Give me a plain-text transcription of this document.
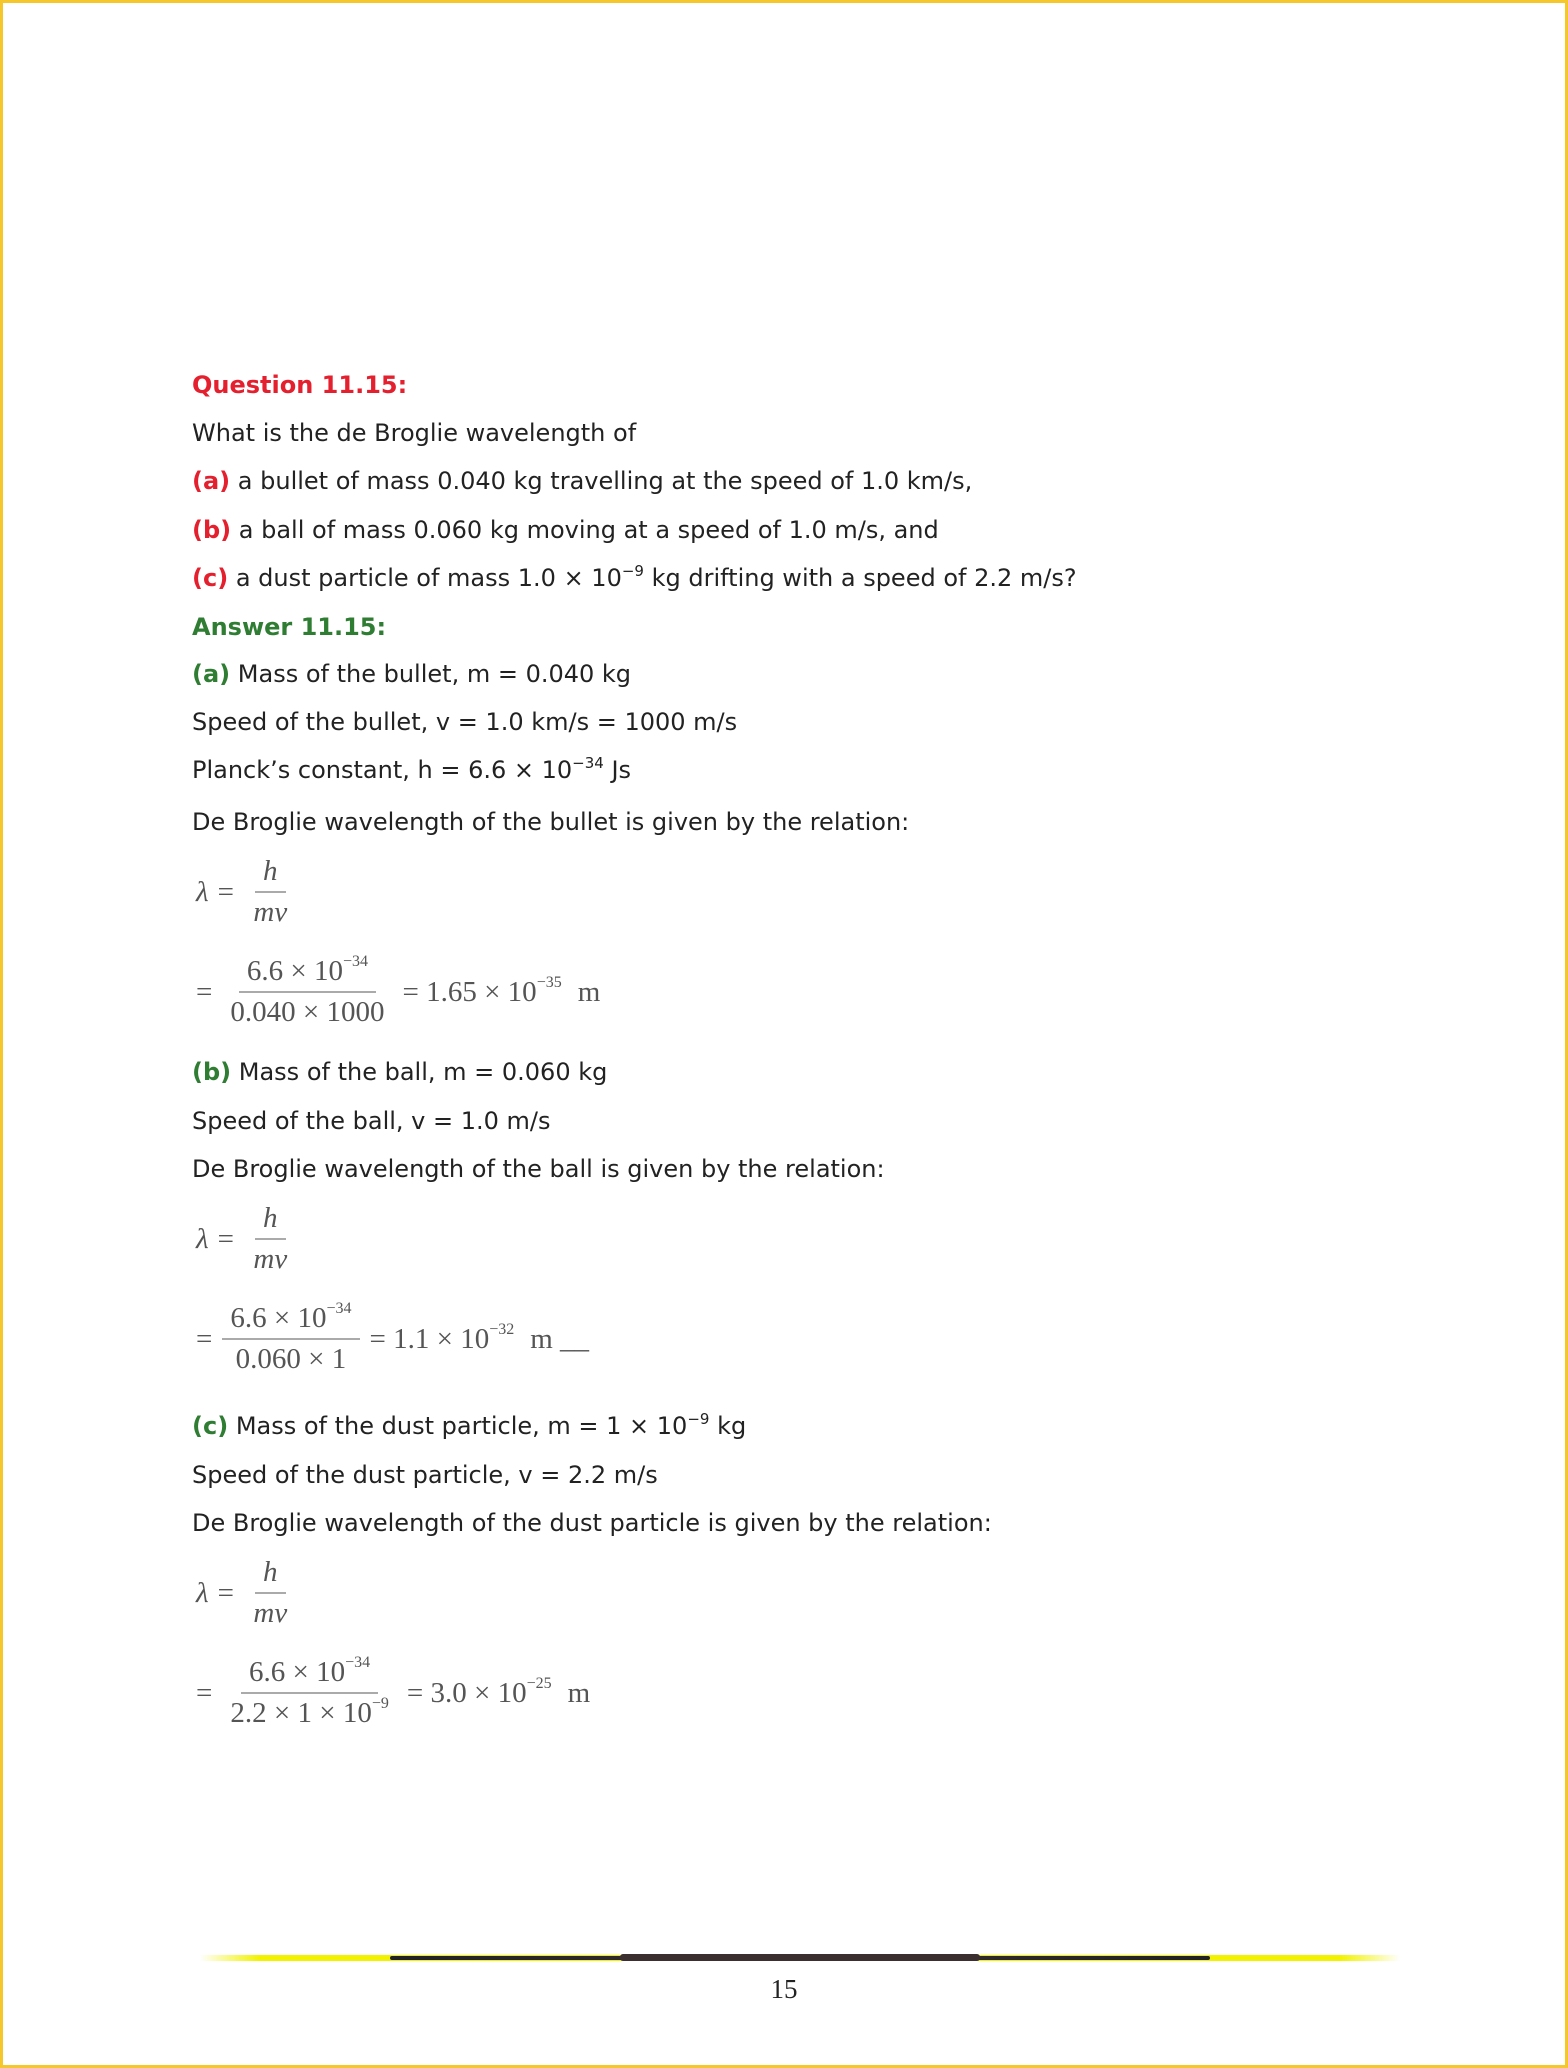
Question 11.15:
What is the de Broglie wavelength of
(a) a bullet of mass 0.040 kg travelling at the speed of 1.0 km/s,
(b) a ball of mass 0.060 kg moving at a speed of 1.0 m/s, and
(c) a dust particle of mass $1.0 \times 10^{-9}$ kg drifting with a speed of 2.2 m/s?
Answer 11.15:
(a) Mass of the bullet, m = 0.040 kg
Speed of the bullet, v = 1.0 km/s = 1000 m/s
Planck’s constant, $h = 6.6 \times 10^{-34}$ Js
De Broglie wavelength of the bullet is given by the relation:
$\lambda = \frac{h}{mv}$
= $\frac{6.6 \times 10^{-34}}{0.040 \times 1000} = 1.65 \times 10^{-35}$ m
(b) Mass of the ball, m = 0.060 kg
Speed of the ball, v = 1.0 m/s
De Broglie wavelength of the ball is given by the relation:
$\lambda = \frac{h}{mv}$
= $\frac{6.6 \times 10^{-34}}{0.060 \times 1} = 1.1 \times 10^{-32}$ m __
(c) Mass of the dust particle, $m = 1 \times 10^{-9}$ kg
Speed of the dust particle, v = 2.2 m/s
De Broglie wavelength of the dust particle is given by the relation:
$\lambda = \frac{h}{mv}$
= $\frac{6.6 \times 10^{-34}}{2.2 \times 1 \times 10^{-9}} = 3.0 \times 10^{-25}$ m
15
